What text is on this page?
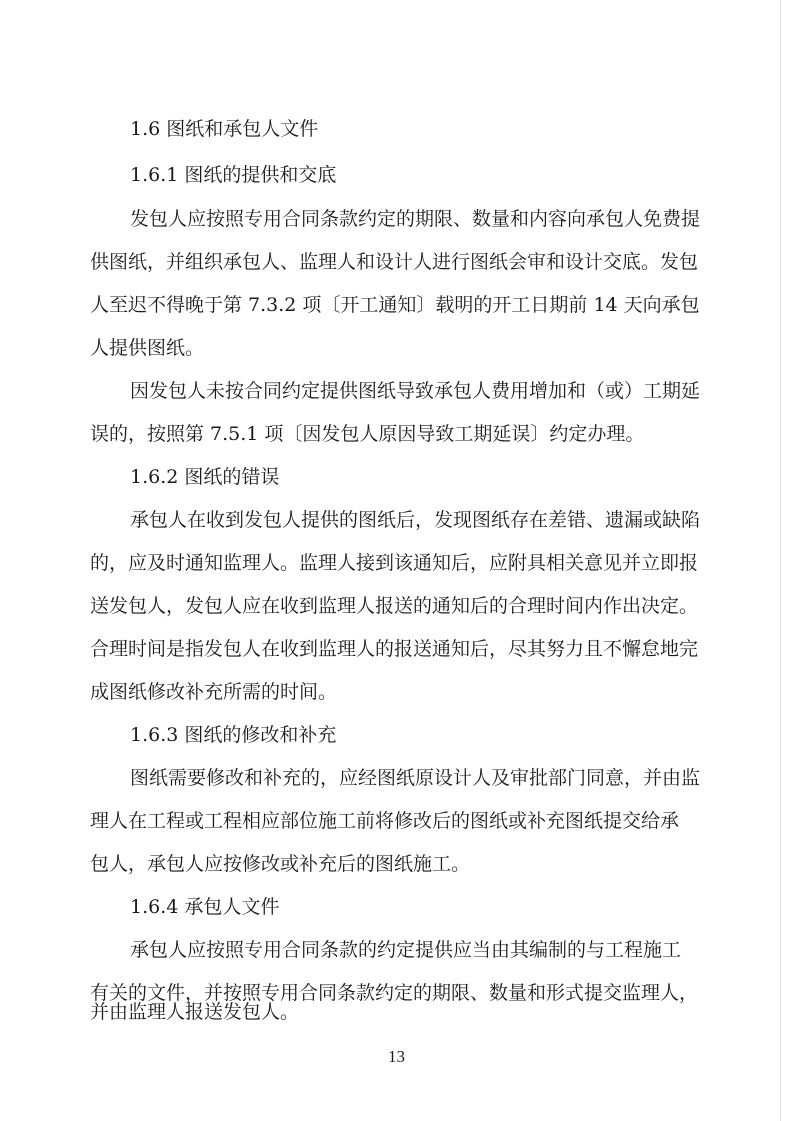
1.6 图纸和承包人文件
1.6.1 图纸的提供和交底
发包人应按照专用合同条款约定的期限、数量和内容向承包人免费提
供图纸，并组织承包人、监理人和设计人进行图纸会审和设计交底。发包
人至迟不得晚于第 7.3.2 项〔开工通知〕载明的开工日期前 14 天向承包
人提供图纸。
因发包人未按合同约定提供图纸导致承包人费用增加和（或）工期延
误的，按照第 7.5.1 项〔因发包人原因导致工期延误〕约定办理。
1.6.2 图纸的错误
承包人在收到发包人提供的图纸后，发现图纸存在差错、遗漏或缺陷
的，应及时通知监理人。监理人接到该通知后，应附具相关意见并立即报
送发包人，发包人应在收到监理人报送的通知后的合理时间内作出决定。
合理时间是指发包人在收到监理人的报送通知后，尽其努力且不懈怠地完
成图纸修改补充所需的时间。
1.6.3 图纸的修改和补充
图纸需要修改和补充的，应经图纸原设计人及审批部门同意，并由监
理人在工程或工程相应部位施工前将修改后的图纸或补充图纸提交给承
包人，承包人应按修改或补充后的图纸施工。
1.6.4 承包人文件
承包人应按照专用合同条款的约定提供应当由其编制的与工程施工
有关的文件，并按照专用合同条款约定的期限、数量和形式提交监理人，
并由监理人报送发包人。
13
